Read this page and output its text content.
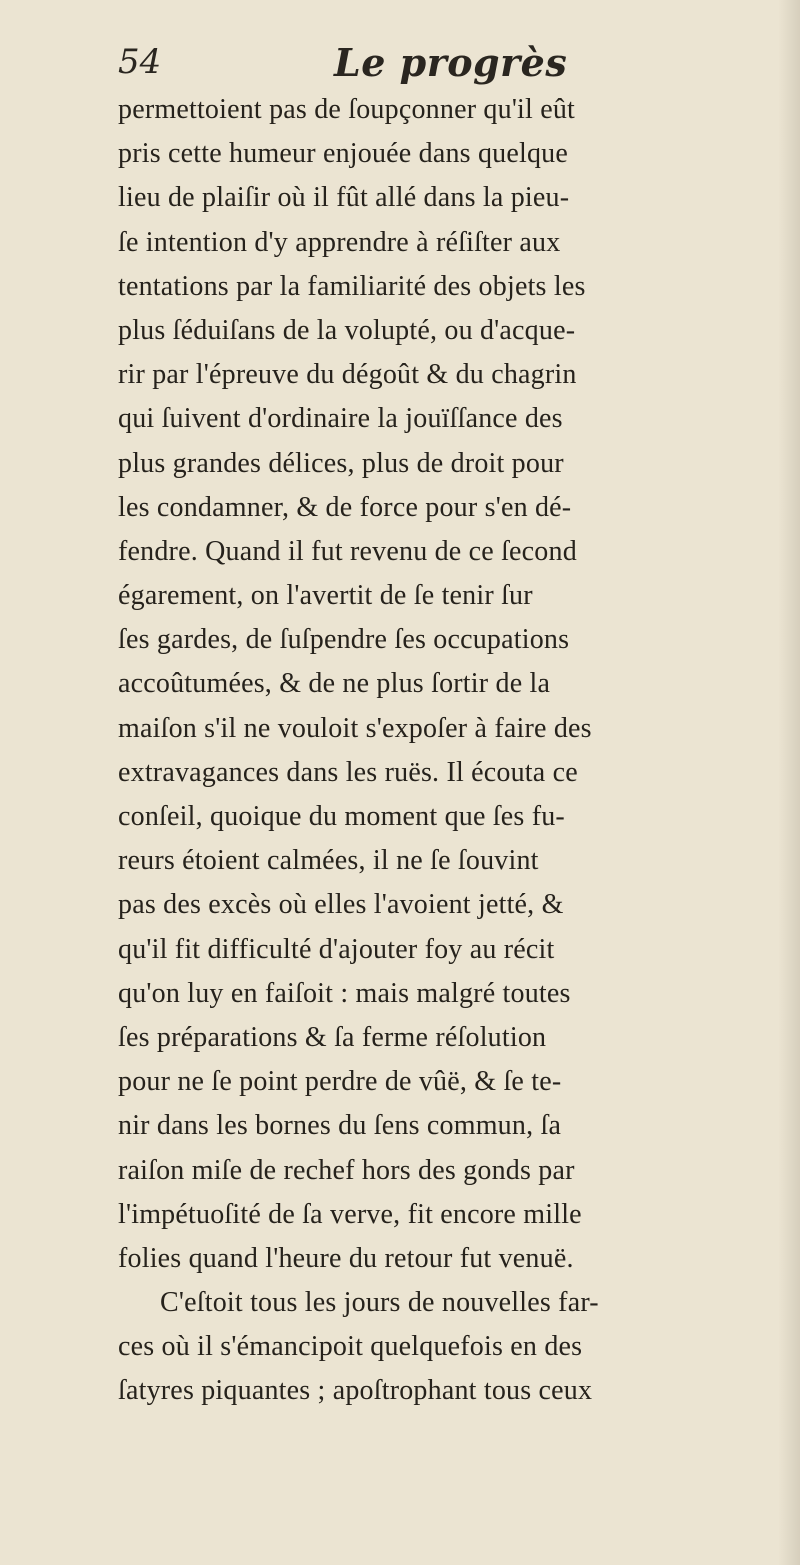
54	Le progrès
permettoient pas de ſoupçonner qu'il eût
pris cette humeur enjouée dans quelque
lieu de plaiſir où il fût allé dans la pieu-
ſe intention d'y apprendre à réſiſter aux
tentations par la familiarité des objets les
plus ſéduiſans de la volupté, ou d'acque-
rir par l'épreuve du dégoût & du chagrin
qui ſuivent d'ordinaire la jouïſſance des
plus grandes délices, plus de droit pour
les condamner, & de force pour s'en dé-
fendre. Quand il fut revenu de ce ſecond
égarement, on l'avertit de ſe tenir ſur
ſes gardes, de ſuſpendre ſes occupations
accoûtumées, & de ne plus ſortir de la
maiſon s'il ne vouloit s'expoſer à faire des
extravagances dans les ruës. Il écouta ce
conſeil, quoique du moment que ſes fu-
reurs étoient calmées, il ne ſe ſouvint
pas des excès où elles l'avoient jetté, &
qu'il fit difficulté d'ajouter foy au récit
qu'on luy en faiſoit : mais malgré toutes
ſes préparations & ſa ferme réſolution
pour ne ſe point perdre de vûë, & ſe te-
nir dans les bornes du ſens commun, ſa
raiſon miſe de rechef hors des gonds par
l'impétuoſité de ſa verve, fit encore mille
folies quand l'heure du retour fut venuë.
C'eſtoit tous les jours de nouvelles far-
ces où il s'émancipoit quelquefois en des
ſatyres piquantes ; apoſtrophant tous ceux
